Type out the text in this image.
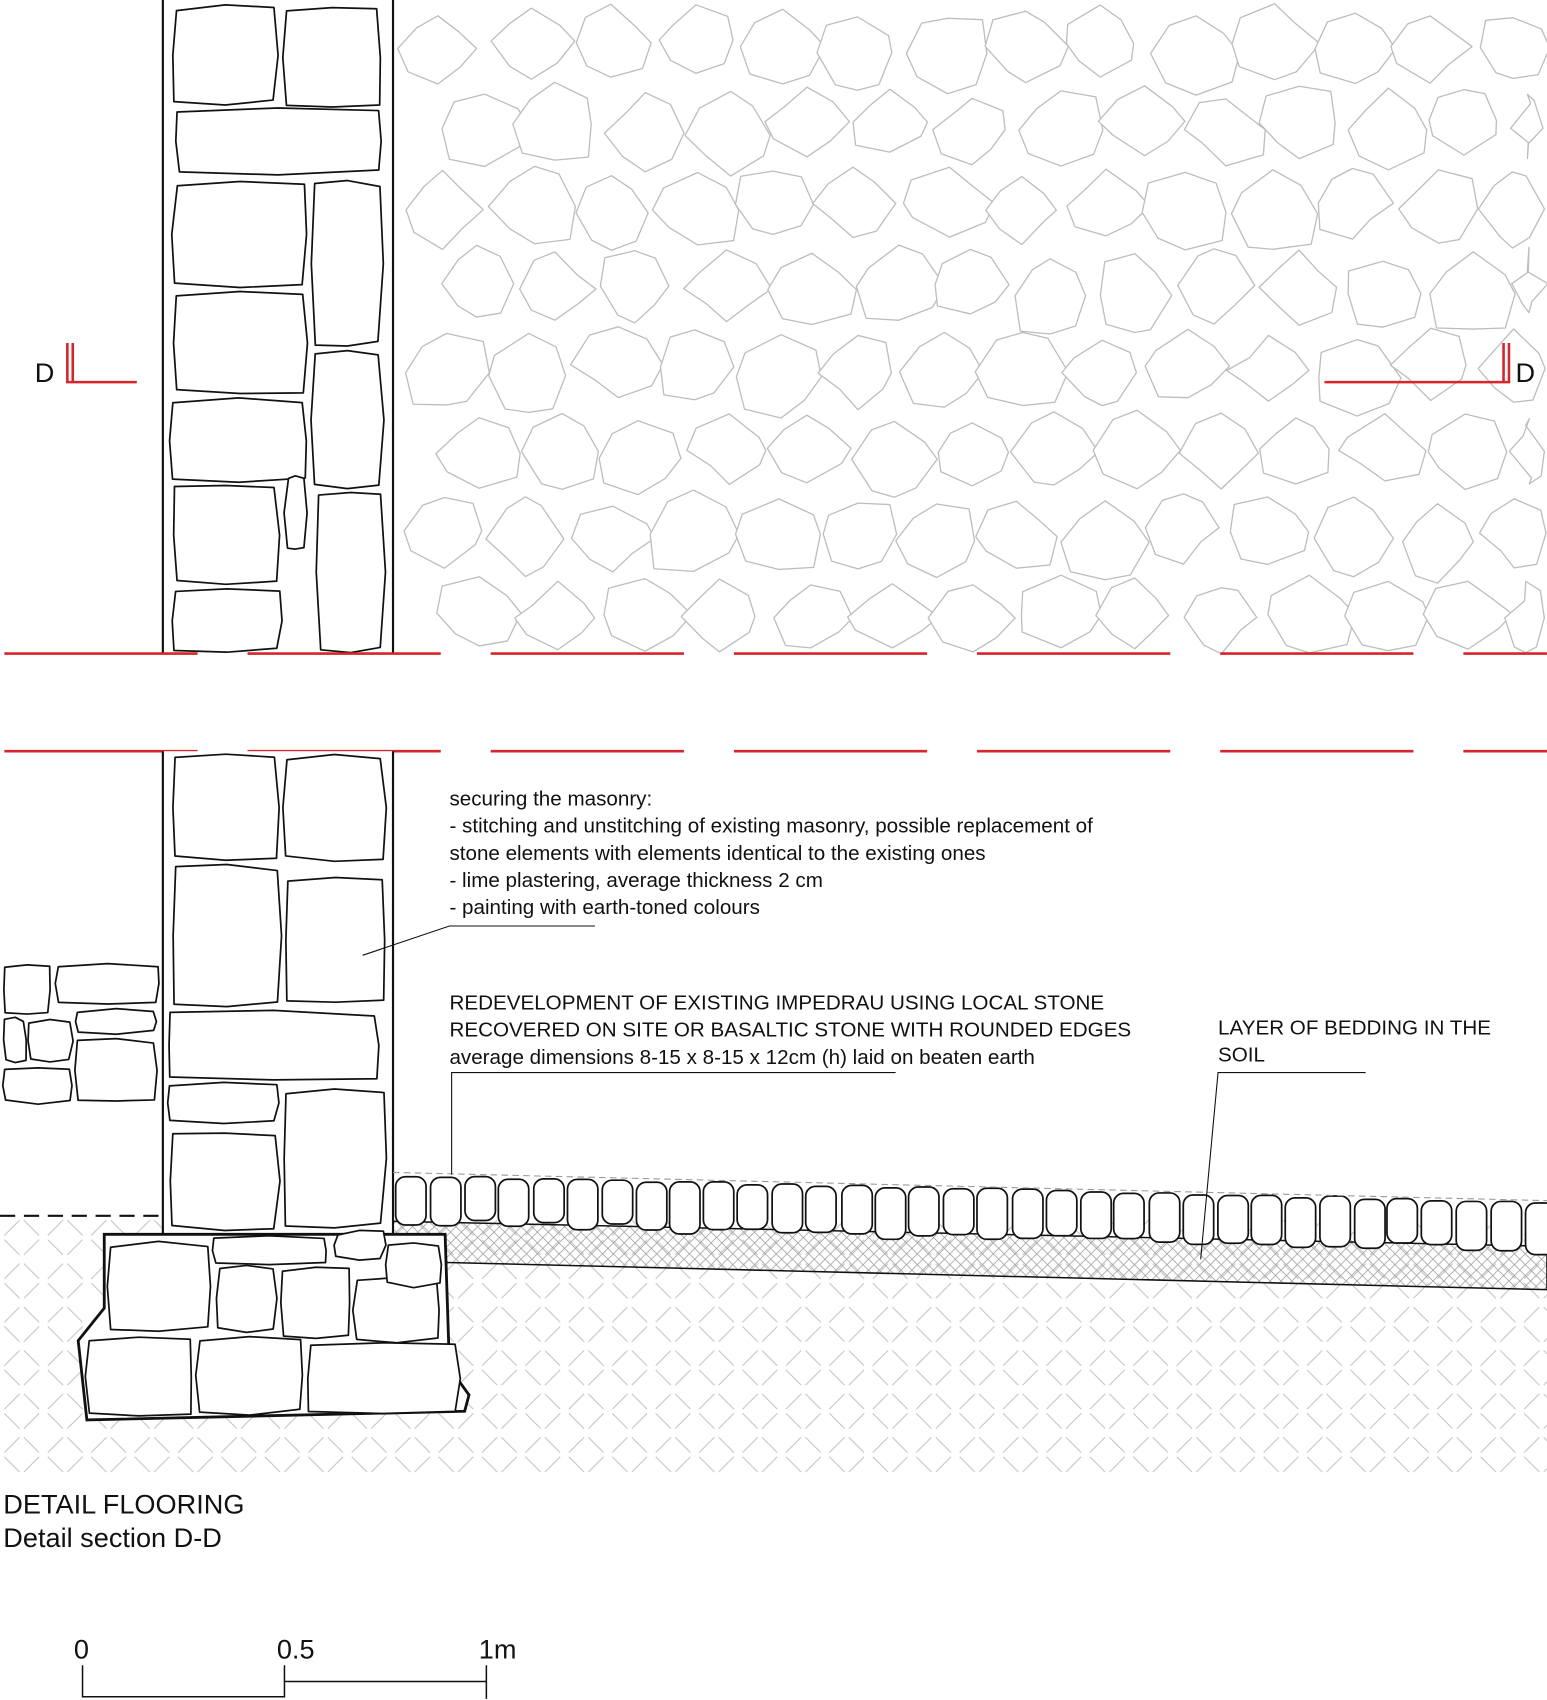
D	D
securing the masonry:
- stitching and unstitching of existing masonry, possible replacement of
stone elements with elements identical to the existing ones
- lime plastering, average thickness 2 cm
- painting with earth-toned colours
REDEVELOPMENT OF EXISTING IMPEDRAU USING LOCAL STONE
RECOVERED ON SITE OR BASALTIC STONE WITH ROUNDED EDGES
average dimensions 8-15 x 8-15 x 12cm (h) laid on beaten earth
LAYER OF BEDDING IN THE
SOIL
DETAIL FLOORING
Detail section D-D
0	0.5	1m
